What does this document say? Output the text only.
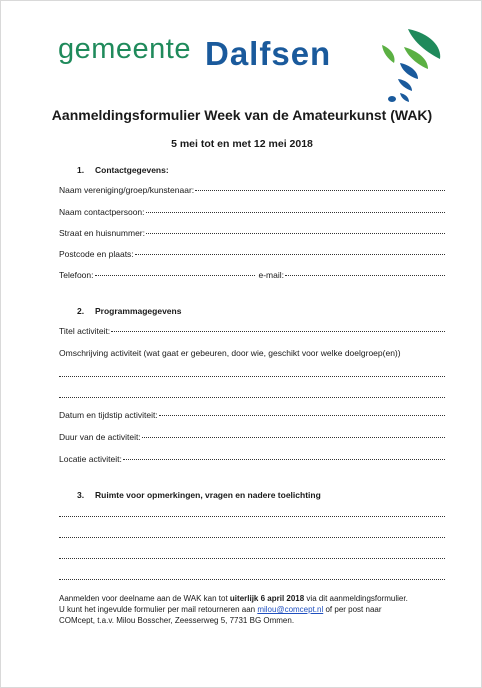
gemeente Dalfsen
Aanmeldingsformulier Week van de Amateurkunst (WAK)
5 mei tot en met 12 mei 2018
1. Contactgegevens:
Naam vereniging/groep/kunstenaar:
Naam contactpersoon:
Straat en huisnummer:
Postcode en plaats:
Telefoon:	e-mail:
2. Programmagegevens
Titel activiteit:
Omschrijving activiteit (wat gaat er gebeuren, door wie, geschikt voor welke doelgroep(en))
Datum en tijdstip activiteit:
Duur van de activiteit:
Locatie activiteit:
3. Ruimte voor opmerkingen, vragen en nadere toelichting
Aanmelden voor deelname aan de WAK kan tot uiterlijk 6 april 2018 via dit aanmeldingsformulier.
U kunt het ingevulde formulier per mail retourneren aan milou@comcept.nl of per post naar
COMcept, t.a.v. Milou Bosscher, Zeesserweg 5, 7731 BG Ommen.
